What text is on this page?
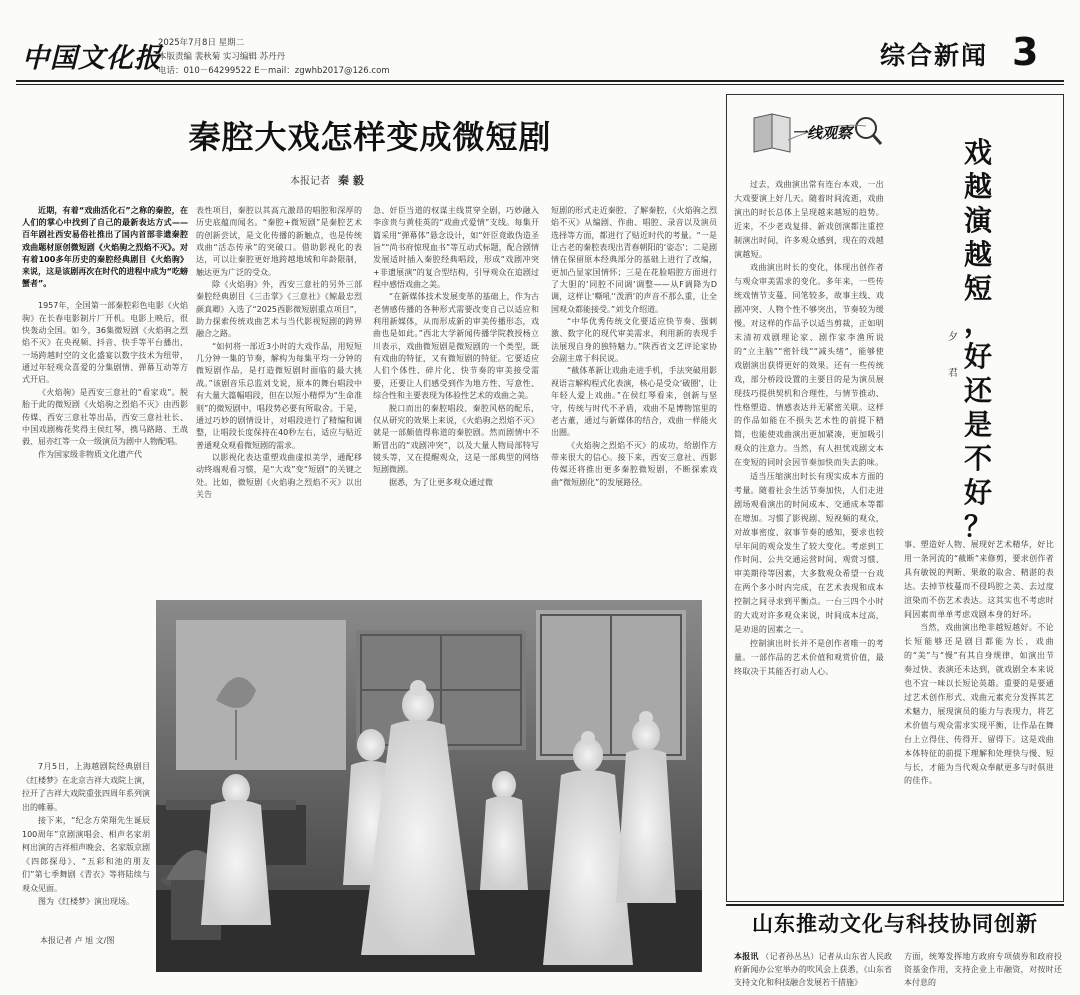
中国文化报
2025年7月8日 星期二
本版责编 裴秋菊 实习编辑 苏丹丹
电话：010－64299522 E－mail：zgwhb2017@126.com
综合新闻 3
秦腔大戏怎样变成微短剧
本报记者 秦 毅

近期，有着“戏曲活化石”之称的秦腔，在人们的掌心中找到了自己的最新表达方式——百年剧社西安易俗社推出了国内首部非遗秦腔戏曲题材原创微短剧《火焰驹之烈焰不灭》。对有着100多年历史的秦腔经典剧目《火焰驹》来说，这是该剧再次在时代的进程中成为“吃螃蟹者”。

1957年，全国第一部秦腔彩色电影《火焰驹》在长春电影制片厂开机。电影上映后，很快轰动全国。如今，36集微短剧《火焰驹之烈焰不灭》在央视频、抖音、快手等平台播出，一场跨越时空的文化盛宴以数字技术为纽带，通过年轻观众喜爱的分集剧情、弹幕互动等方式开启。

《火焰驹》是西安三意社的“看家戏”。脱胎于此的微短剧《火焰驹之烈焰不灭》由西影传媒、西安三意社等出品，西安三意社社长、中国戏剧梅花奖得主侯红琴，携马路路、王战毅、屈亦红等一众一级演员为剧中人物配唱。

作为国家级非物质文化遗产代

表性项目，秦腔以其高亢激昂的唱腔和深厚的历史底蕴而闻名。“秦腔+微短剧”是秦腔艺术的创新尝试，是文化传播的新触点，也是传统戏曲“活态传承”的突破口。借助影视化的表达，可以让秦腔更好地跨越地域和年龄限制，触达更为广泛的受众。

除《火焰驹》外，西安三意社的另外三部秦腔经典剧目《三击掌》《三意社》《鲸最忠烈颜真卿》入选了“2025西影微短剧重点项目”，助力探索传统戏曲艺术与当代影视短剧的跨界融合之路。

“如何将一部近3小时的大戏作品，用短短几分钟一集的节奏，解构为每集平均一分钟的微短剧作品，是打造微短剧时面临的最大挑战。”该剧音乐总监刘戈说，原本的舞台唱段中有大量大篇幅唱段，但在以短小精悍为“生命准则”的微短剧中，唱段势必要有所取舍。于是，通过巧妙的剧情设计，对唱段进行了精编和调整，让唱段长度保持在40秒左右，适应与贴近普通观众观看微短剧的需求。

以影视化表达重塑戏曲虚拟美学，通配移动终端观看习惯，是“大戏”变“短剧”的关键之处。比如，微短剧《火焰驹之烈焰不灭》以出关告

急、奸臣当道的权谋主线贯穿全剧，巧妙融入李彦贵与黄桂英的“戏曲式爱情”支线。每集开篇采用“弹幕体”悬念设计，如“奸臣竟敢伪造圣旨”“尚书府惊现血书”等互动式标题，配合剧情发展适时插入秦腔经典唱段，形成“戏剧冲突+非遗展演”的复合型结构，引导观众在追剧过程中感悟戏曲之美。

“在新媒体技术发展变革的基础上，作为古老情感传播的各种形式需要改变自己以适应和利用新媒体，从而形成新的审美传播形态，戏曲也是如此。”西北大学新闻传播学院教授杨立川表示，戏曲微短剧是微短剧的一个类型，既有戏曲的特征，又有微短剧的特征。它要适应人们个体性、碎片化、快节奏的审美接受需要，还要让人们感受到作为地方性、写意性、综合性和主要表现为体验性艺术的戏曲之美。

脱口而出的秦腔唱段、秦腔风格的配乐，仅从研究的效果上来说，《火焰驹之烈焰不灭》就是一部颇值得称道的秦腔剧。然而剧情中不断冒出的“戏剧冲突”，以及大量人物局部特写镜头等，又在提醒观众，这是一部典型的网络短剧微剧。

据悉，为了让更多观众通过微

短剧的形式走近秦腔、了解秦腔，《火焰驹之烈焰不灭》从编剧、作曲、唱腔、录音以及演员选择等方面，都进行了贴近时代的考量。“一是让古老的秦腔表现出青春朝阳的‘姿态’；二是剧情在保留原本经典部分的基础上进行了改编，更加凸显家国情怀；三是在花脸唱腔方面进行了大胆的‘同腔不同调’调整——从F调降为D调，这样让‘嘶吼’‘泼洒’的声音不那么重，让全国观众都能接受。”刘戈介绍道。

“中华优秀传统文化要适应快节奏、强刺激、数字化的现代审美需求，利用新的表现手法展现自身的独特魅力。”陕西省文艺评论家协会副主席于科民说。

“截体革新让戏曲走进手机，手法突破用影视语言解构程式化表演，核心是受众‘破圈’，让年轻人爱上戏曲。”在侯红琴看来，创新与坚守，传统与时代不矛盾，戏曲不是博物馆里的老古董，通过与新媒体的结合，戏曲一样能火出圈。

《火焰驹之烈焰不灭》的成功，给剧作方带来很大的信心。接下来，西安三意社、西影传媒还将推出更多秦腔微短剧，不断探索戏曲“微短剧化”的发展路径。

7月5日，上海越剧院经典剧目《红楼梦》在北京吉祥大戏院上演，拉开了吉祥大戏院重张四周年系列演出的帷幕。

接下来，“纪念方荣翔先生诞辰100周年”京剧演唱会、相声名家胡柯出演的吉祥相声晚会、名家版京剧《四郎探母》、“五彩和池的朋友们”第七季舞剧《青衣》等将陆续与观众见面。

图为《红楼梦》演出现场。

本报记者 卢 旭 文/图
一线观察
戏
越
演
越
短
，
好
还
是
不
好
？
夕
君

过去，戏曲演出常有连台本戏，一出大戏要演上好几天。随着时间流逝，戏曲演出的时长总体上呈现越来越短的趋势。近来，不少老戏复排、新戏创演都注重控制演出时间，许多观众感到，现在的戏越演越短。

戏曲演出时长的变化，体现出创作者与观众审美需求的变化。多年来，一些传统戏情节支蔓、同笔较多，故事主线、戏剧冲突、人物个性不够突出，节奏较为缓慢。对这样的作品予以适当剪裁，正如明末清初戏剧理论家、剧作家李渔所说的“立主脑”“密针线”“减头绪”，能够使戏剧演出获得更好的效果。还有一些传统戏，部分桥段设置的主要目的是为演员展现技巧提供契机和合理性，与情节推动、性格塑造、情感表达并无紧密关联。这样的作品如能在不损失艺术性的前提下精简，也能使戏曲演出更加紧凑，更加吸引观众的注意力。当然，有人担忧戏剧文本在变短的同时会因节奏加快而失去韵味。

适当压缩演出时长有现实成本方面的考量。随着社会生活节奏加快，人们走进剧场观看演出的时间成本、交通成本等都在增加。习惯了影视剧、短视频的观众，对故事密度、叙事节奏的感知，要求也较早年间的观众发生了较大变化。考虑到工作时间、公共交通运营时间、观赏习惯、审美期待等因素，大多数观众希望一台戏在两个多小时内完成，在艺术表现和成本控制之间寻求到平衡点。一台三四个小时的大戏对许多观众来说，时间成本过高，是劝退的因素之一。

控制演出时长并不是创作者唯一的考量。一部作品的艺术价值和观赏价值，最终取决于其能否打动人心。

事、塑造好人物、展现好艺术精华，好比用一条河流的“截断”来修剪，要求创作者具有敏锐的判断、果敢的取舍、精湛的表达。去掉节枝蔓而不侵吗腔之美、去过度渲染而不伤艺术表达。这其实也不考虑时间因素而单单考虑戏剧本身的好坏。

当然，戏曲演出绝非越短越好。不论长短能够还是剧目都能为长，戏曲的“美”与“慢”有其自身规律，如演出节奏过快、表演还未达到，就戏剧全本来说也不宜一味以长短论英雄。重要的是要通过艺术创作形式、戏曲元素充分发挥其艺术魅力，展现演员的能力与表现力，将艺术价值与观众需求实现平衡，让作品在舞台上立得住、传得开、留得下。这是戏曲本体特征的前提下理解和处理快与慢、短与长，才能为当代观众奉献更多与时俱进的佳作。

山东推动文化与科技协同创新
本报讯 （记者孙丛丛）记者从山东省人民政府新闻办公室举办的吹风会上获悉，《山东省支持文化和科技融合发展若干措施》
方面，统筹发挥地方政府专项债券和政府投资基金作用，支持企业上市融资，对按时还本付息的
